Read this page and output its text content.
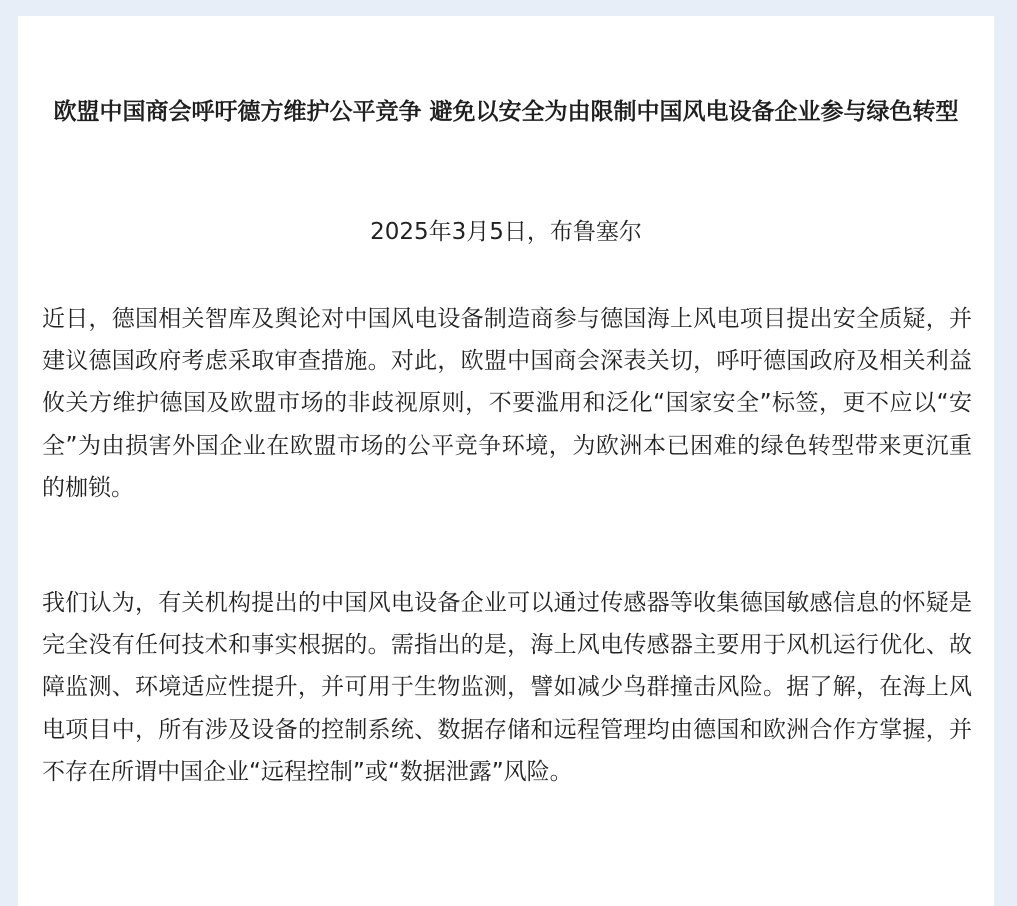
欧盟中国商会呼吁德方维护公平竞争 避免以安全为由限制中国风电设备企业参与绿色转型

2025年3月5日，布鲁塞尔

近日，德国相关智库及舆论对中国风电设备制造商参与德国海上风电项目提出安全质疑，并建议德国政府考虑采取审查措施。对此，欧盟中国商会深表关切，呼吁德国政府及相关利益攸关方维护德国及欧盟市场的非歧视原则，不要滥用和泛化“国家安全”标签，更不应以“安全”为由损害外国企业在欧盟市场的公平竞争环境，为欧洲本已困难的绿色转型带来更沉重的枷锁。

我们认为，有关机构提出的中国风电设备企业可以通过传感器等收集德国敏感信息的怀疑是完全没有任何技术和事实根据的。需指出的是，海上风电传感器主要用于风机运行优化、故障监测、环境适应性提升，并可用于生物监测，譬如减少鸟群撞击风险。据了解，在海上风电项目中，所有涉及设备的控制系统、数据存储和远程管理均由德国和欧洲合作方掌握，并不存在所谓中国企业“远程控制”或“数据泄露”风险。
